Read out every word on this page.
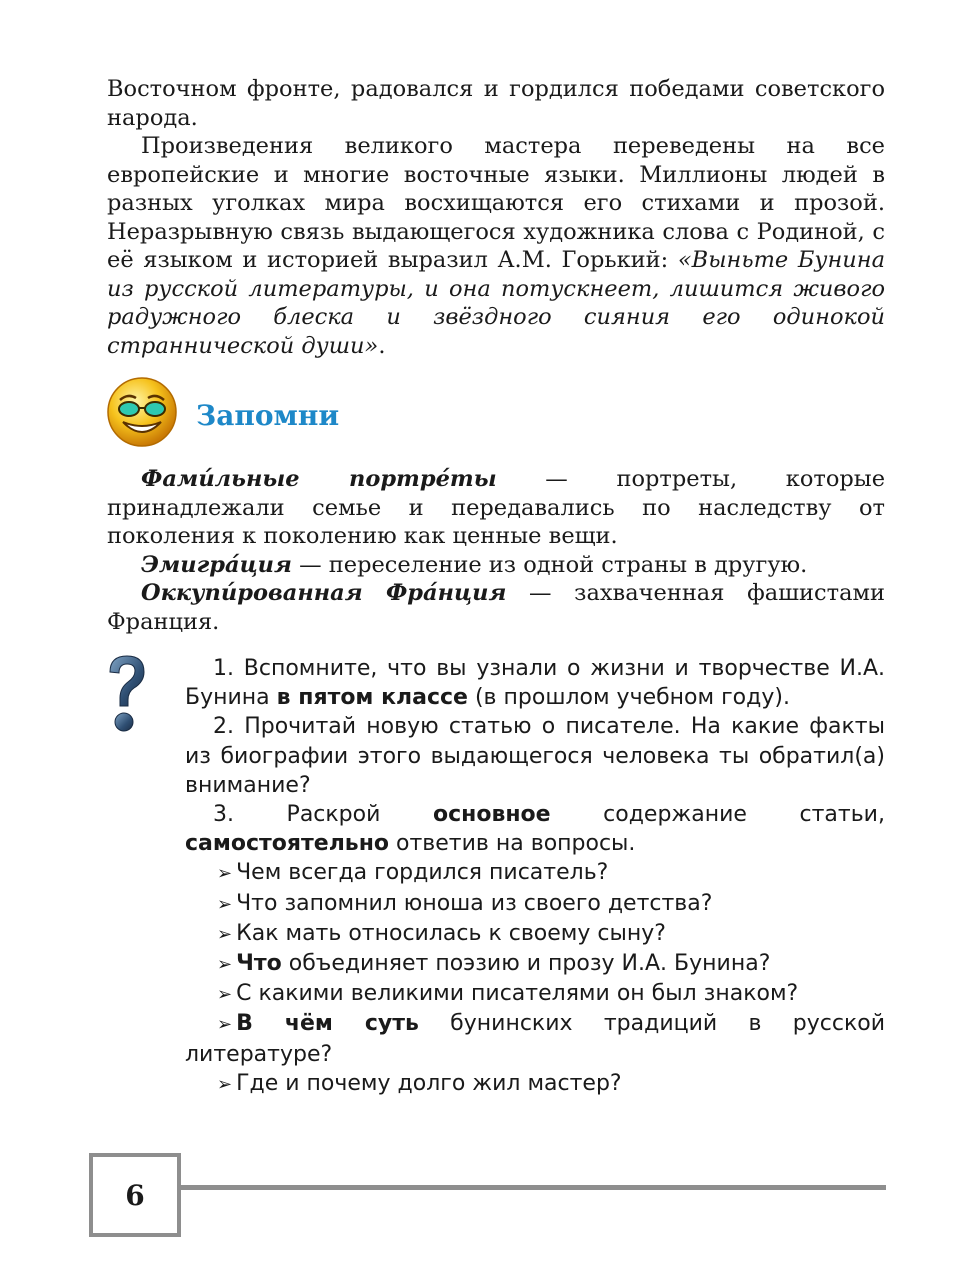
Восточном фронте, радовался и гордился победами советского народа.

Произведения великого мастера переведены на все европейские и многие восточные языки. Миллионы людей в разных уголках мира восхищаются его стихами и прозой. Неразрывную связь выдающегося художника слова с Родиной, с её языком и историей выразил А.М. Горький: «Выньте Бунина из русской литературы, и она потускнеет, лишится живого радужного блеска и звёздного сияния его одинокой страннической души».

Запомни

Фами́льные портре́ты — портреты, которые принадлежали семье и передавались по наследству от поколения к поколению как ценные вещи.

Эмигра́ция — переселение из одной страны в другую.

Оккупи́рованная Фра́нция — захваченная фашистами Франция.

1. Вспомните, что вы узнали о жизни и творчестве И.А. Бунина в пятом классе (в прошлом учебном году).

2. Прочитай новую статью о писателе. На какие факты из биографии этого выдающегося человека ты обратил(а) внимание?

3. Раскрой основное содержание статьи, самостоятельно ответив на вопросы.

➢ Чем всегда гордился писатель?

➢ Что запомнил юноша из своего детства?

➢ Как мать относилась к своему сыну?

➢ Что объединяет поэзию и прозу И.А. Бунина?

➢ С какими великими писателями он был знаком?

➢ В чём суть бунинских традиций в русской литературе?

➢ Где и почему долго жил мастер?

6
